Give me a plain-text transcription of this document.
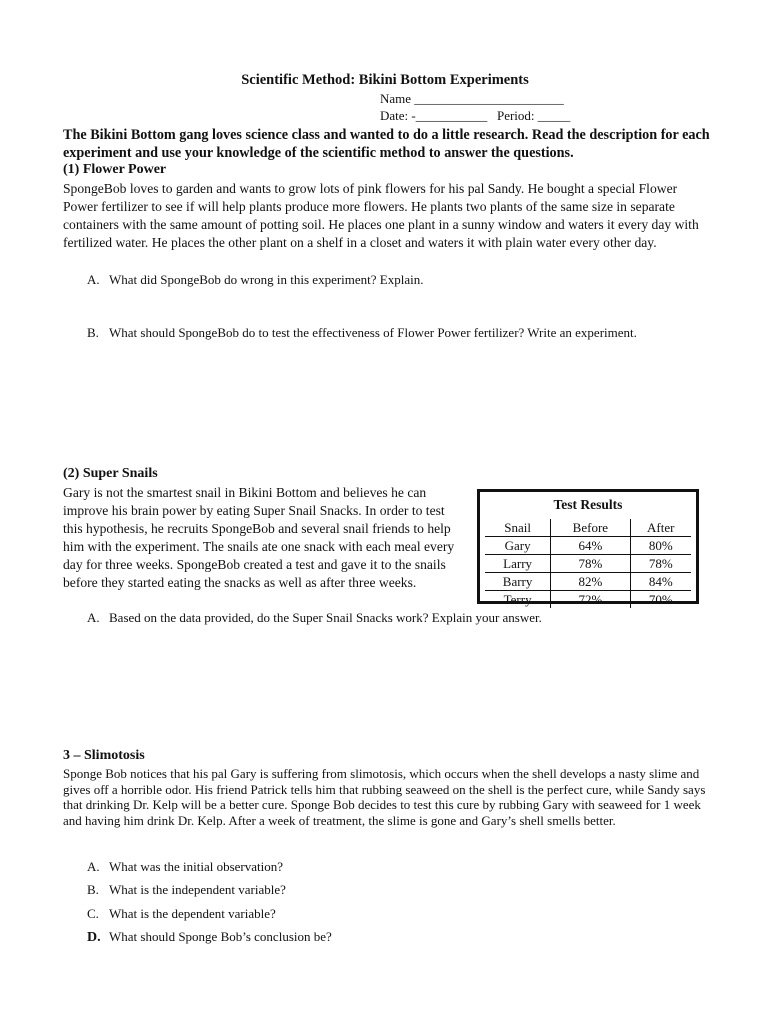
Scientific Method: Bikini Bottom Experiments
Name _______________________
Date: -___________   Period: _____
The Bikini Bottom gang loves science class and wanted to do a little research. Read the description for each experiment and use your knowledge of the scientific method to answer the questions.
(1) Flower Power
SpongeBob loves to garden and wants to grow lots of pink flowers for his pal Sandy. He bought a special Flower Power fertilizer to see if will help plants produce more flowers. He plants two plants of the same size in separate containers with the same amount of potting soil. He places one plant in a sunny window and waters it every day with fertilized water. He places the other plant on a shelf in a closet and waters it with plain water every other day.
A. What did SpongeBob do wrong in this experiment? Explain.
B. What should SpongeBob do to test the effectiveness of Flower Power fertilizer? Write an experiment.
(2) Super Snails
Gary is not the smartest snail in Bikini Bottom and believes he can improve his brain power by eating Super Snail Snacks. In order to test this hypothesis, he recruits SpongeBob and several snail friends to help him with the experiment. The snails ate one snack with each meal every day for three weeks. SpongeBob created a test and gave it to the snails before they started eating the snacks as well as after three weeks.
Test Results
Snail	Before	After
Gary	64%	80%
Larry	78%	78%
Barry	82%	84%
Terry	72%	70%
A. Based on the data provided, do the Super Snail Snacks work? Explain your answer.
3 – Slimotosis
Sponge Bob notices that his pal Gary is suffering from slimotosis, which occurs when the shell develops a nasty slime and gives off a horrible odor. His friend Patrick tells him that rubbing seaweed on the shell is the perfect cure, while Sandy says that drinking Dr. Kelp will be a better cure. Sponge Bob decides to test this cure by rubbing Gary with seaweed for 1 week and having him drink Dr. Kelp. After a week of treatment, the slime is gone and Gary’s shell smells better.
A. What was the initial observation?
B. What is the independent variable?
C. What is the dependent variable?
D. What should Sponge Bob’s conclusion be?
